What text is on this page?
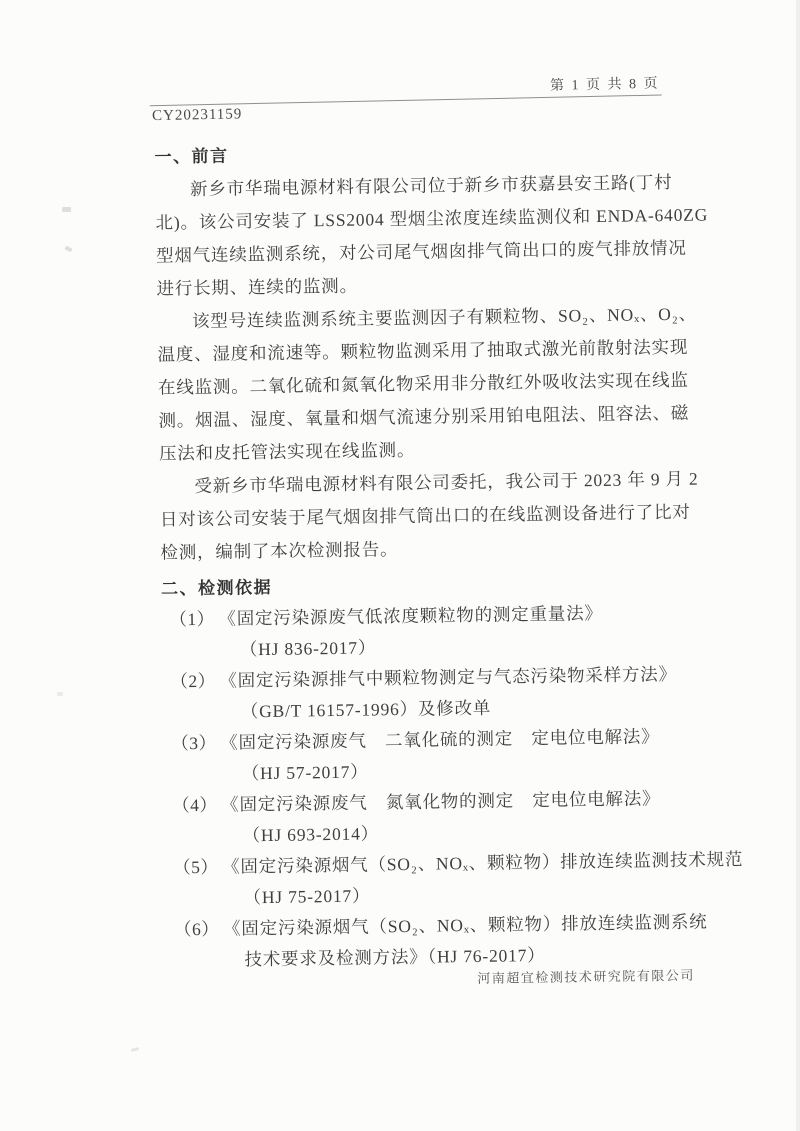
第 1 页 共 8 页
CY20231159
一、前言
新乡市华瑞电源材料有限公司位于新乡市获嘉县安王路(丁村
北)。该公司安装了 LSS2004 型烟尘浓度连续监测仪和 ENDA-640ZG
型烟气连续监测系统，对公司尾气烟囱排气筒出口的废气排放情况
进行长期、连续的监测。
该型号连续监测系统主要监测因子有颗粒物、SO₂、NOₓ、O₂、
温度、湿度和流速等。颗粒物监测采用了抽取式激光前散射法实现
在线监测。二氧化硫和氮氧化物采用非分散红外吸收法实现在线监
测。烟温、湿度、氧量和烟气流速分别采用铂电阻法、阻容法、磁
压法和皮托管法实现在线监测。
受新乡市华瑞电源材料有限公司委托，我公司于 2023 年 9 月 2
日对该公司安装于尾气烟囱排气筒出口的在线监测设备进行了比对
检测，编制了本次检测报告。
二、检测依据
（1） 《固定污染源废气低浓度颗粒物的测定重量法》
（HJ 836-2017）
（2） 《固定污染源排气中颗粒物测定与气态污染物采样方法》
（GB/T 16157-1996）及修改单
（3） 《固定污染源废气　二氧化硫的测定　定电位电解法》
（HJ 57-2017）
（4） 《固定污染源废气　氮氧化物的测定　定电位电解法》
（HJ 693-2014）
（5） 《固定污染源烟气（SO₂、NOₓ、颗粒物）排放连续监测技术规范
（HJ 75-2017）
（6） 《固定污染源烟气（SO₂、NOₓ、颗粒物）排放连续监测系统
技术要求及检测方法》（HJ 76-2017）
河南超宜检测技术研究院有限公司
